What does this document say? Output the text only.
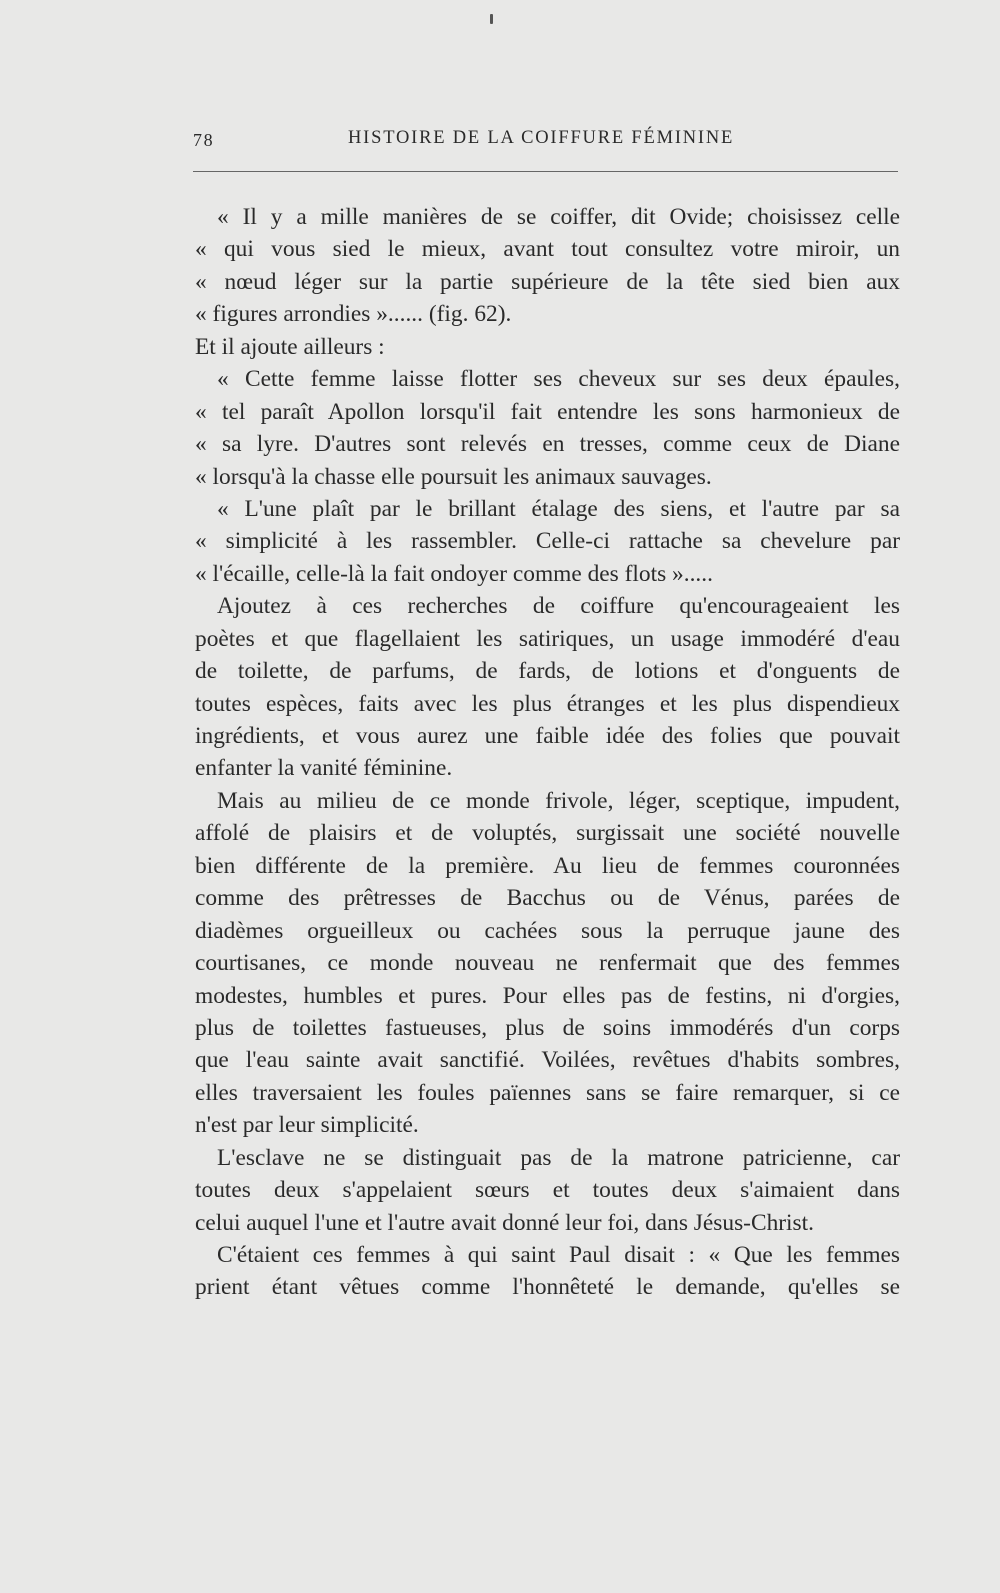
78	HISTOIRE DE LA COIFFURE FÉMININE
« Il y a mille manières de se coiffer, dit Ovide; choisissez celle
« qui vous sied le mieux, avant tout consultez votre miroir, un
« nœud léger sur la partie supérieure de la tête sied bien aux
« figures arrondies »...... (fig. 62).
Et il ajoute ailleurs :
« Cette femme laisse flotter ses cheveux sur ses deux épaules,
« tel paraît Apollon lorsqu'il fait entendre les sons harmonieux de
« sa lyre. D'autres sont relevés en tresses, comme ceux de Diane
« lorsqu'à la chasse elle poursuit les animaux sauvages.
« L'une plaît par le brillant étalage des siens, et l'autre par sa
« simplicité à les rassembler. Celle-ci rattache sa chevelure par
« l'écaille, celle-là la fait ondoyer comme des flots ».....
Ajoutez à ces recherches de coiffure qu'encourageaient les
poètes et que flagellaient les satiriques, un usage immodéré d'eau
de toilette, de parfums, de fards, de lotions et d'onguents de
toutes espèces, faits avec les plus étranges et les plus dispendieux
ingrédients, et vous aurez une faible idée des folies que pouvait
enfanter la vanité féminine.
Mais au milieu de ce monde frivole, léger, sceptique, impudent,
affolé de plaisirs et de voluptés, surgissait une société nouvelle
bien différente de la première. Au lieu de femmes couronnées
comme des prêtresses de Bacchus ou de Vénus, parées de
diadèmes orgueilleux ou cachées sous la perruque jaune des
courtisanes, ce monde nouveau ne renfermait que des femmes
modestes, humbles et pures. Pour elles pas de festins, ni d'orgies,
plus de toilettes fastueuses, plus de soins immodérés d'un corps
que l'eau sainte avait sanctifié. Voilées, revêtues d'habits sombres,
elles traversaient les foules païennes sans se faire remarquer, si ce
n'est par leur simplicité.
L'esclave ne se distinguait pas de la matrone patricienne, car
toutes deux s'appelaient sœurs et toutes deux s'aimaient dans
celui auquel l'une et l'autre avait donné leur foi, dans Jésus-Christ.
C'étaient ces femmes à qui saint Paul disait : « Que les femmes
prient étant vêtues comme l'honnêteté le demande, qu'elles se
